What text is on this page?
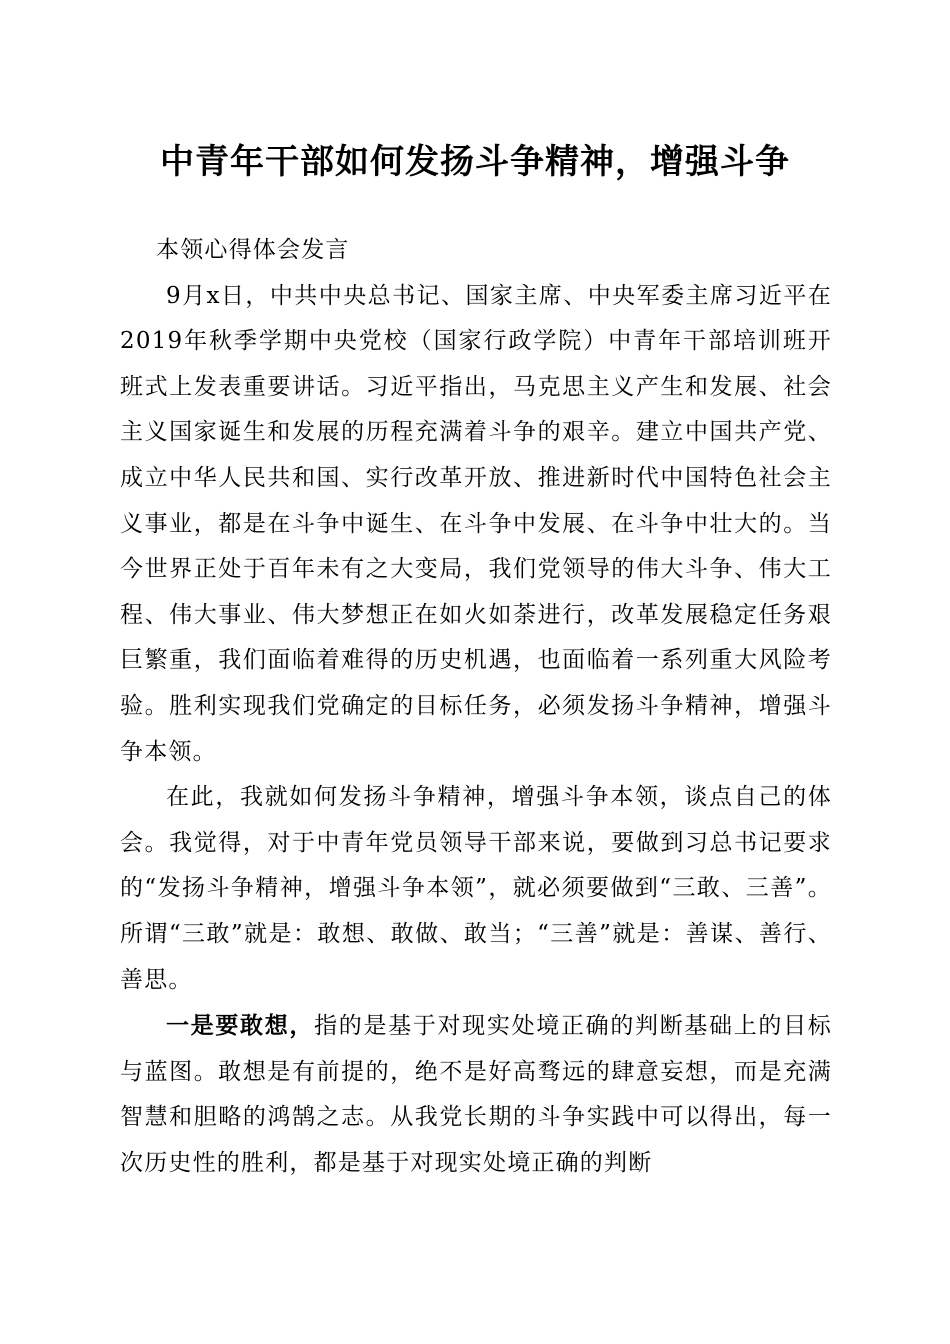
中青年干部如何发扬斗争精神，增强斗争

本领心得体会发言

9月x日，中共中央总书记、国家主席、中央军委主席习近平在2019年秋季学期中央党校（国家行政学院）中青年干部培训班开班式上发表重要讲话。习近平指出，马克思主义产生和发展、社会主义国家诞生和发展的历程充满着斗争的艰辛。建立中国共产党、成立中华人民共和国、实行改革开放、推进新时代中国特色社会主义事业，都是在斗争中诞生、在斗争中发展、在斗争中壮大的。当今世界正处于百年未有之大变局，我们党领导的伟大斗争、伟大工程、伟大事业、伟大梦想正在如火如荼进行，改革发展稳定任务艰巨繁重，我们面临着难得的历史机遇，也面临着一系列重大风险考验。胜利实现我们党确定的目标任务，必须发扬斗争精神，增强斗争本领。

在此，我就如何发扬斗争精神，增强斗争本领，谈点自己的体会。我觉得，对于中青年党员领导干部来说，要做到习总书记要求的“发扬斗争精神，增强斗争本领”，就必须要做到“三敢、三善”。所谓“三敢”就是：敢想、敢做、敢当；“三善”就是：善谋、善行、善思。

一是要敢想，指的是基于对现实处境正确的判断基础上的目标与蓝图。敢想是有前提的，绝不是好高骛远的肆意妄想，而是充满智慧和胆略的鸿鹄之志。从我党长期的斗争实践中可以得出，每一次历史性的胜利，都是基于对现实处境正确的判断
